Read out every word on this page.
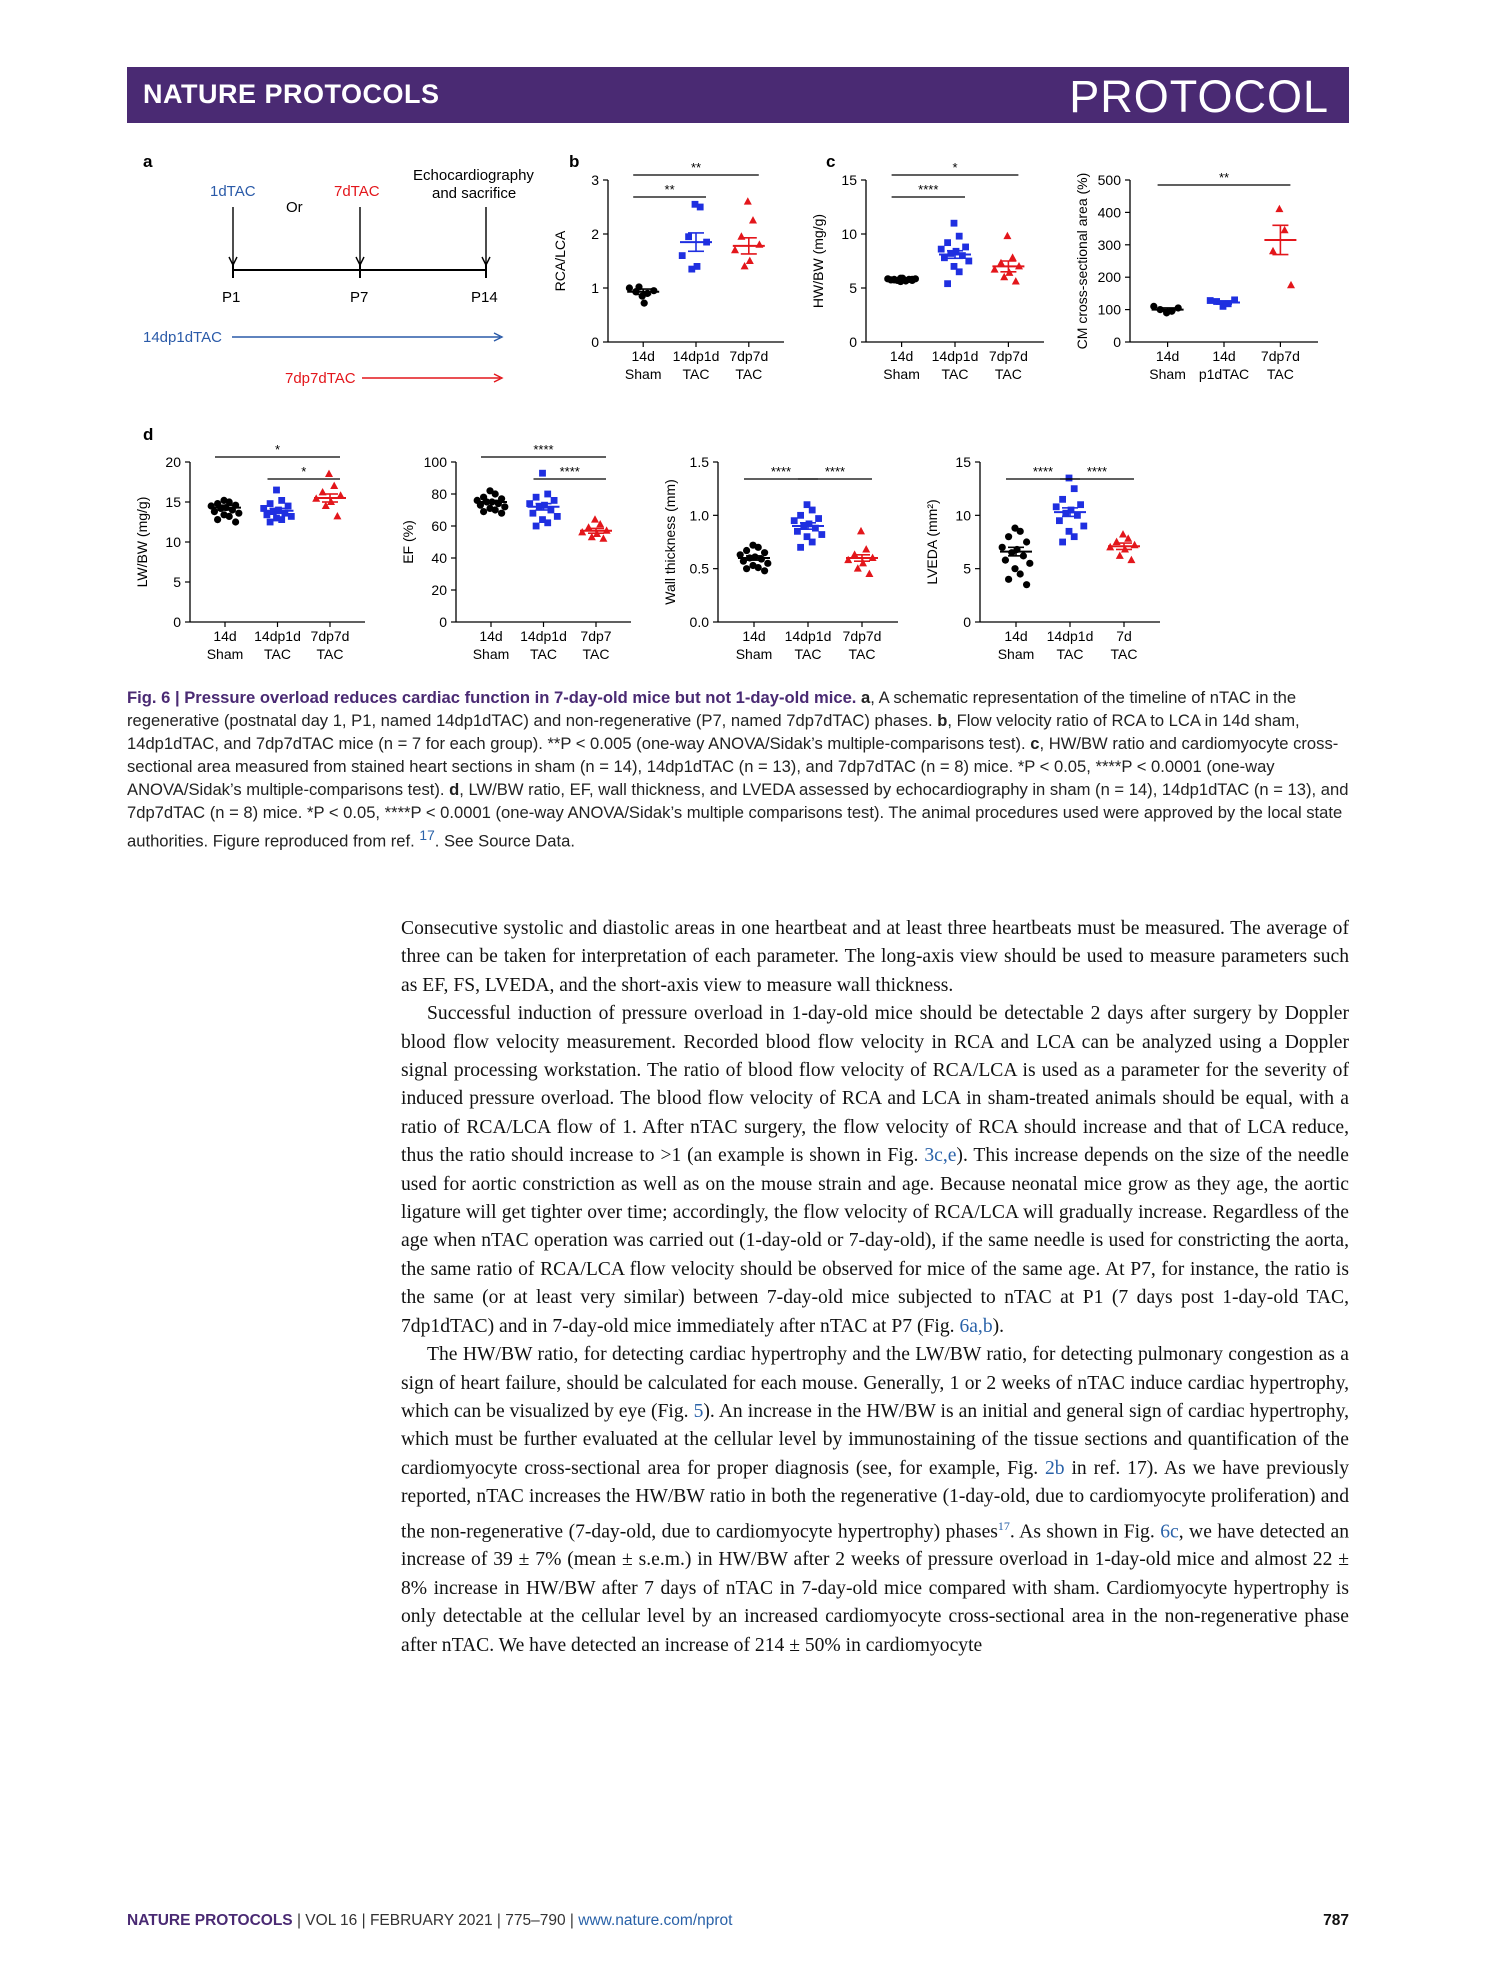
NATURE PROTOCOLS	PROTOCOL
a
1dTAC
Or
7dTAC
Echocardiography
and sacrifice
P1	P7	P14
14dp1dTAC
7dp7dTAC
b	c
d
0
1
2
3
14d
Sham
14dp1d
TAC
7dp7d
TAC
RCA/LCA
**
**
0
5
10
15
14d
Sham
14dp1d
TAC
7dp7d
TAC
HW/BW (mg/g)
****
*
0
100
200
300
400
500
14d
Sham
14d
p1dTAC
7dp7d
TAC
CM cross-sectional area (%)	**
0
5
10
15
20
14d
Sham
14dp1d
TAC
7dp7d
TAC
LW/BW (mg/g)
*
*
0
20
40
60
80
100
14d
Sham
14dp1d
TAC
7dp7
TAC
EF (%)
****
****
0.0
0.5
1.0
1.5
14d
Sham
14dp1d
TAC
7dp7d
TAC
Wall thickness (mm)
****	****
0
5
10
15
14d
Sham
14dp1d
TAC
7d
TAC
LVEDA (mm²)
****	****
Fig. 6 | Pressure overload reduces cardiac function in 7-day-old mice but not 1-day-old mice. a, A schematic representation of the timeline of nTAC in the regenerative (postnatal day 1, P1, named 14dp1dTAC) and non-regenerative (P7, named 7dp7dTAC) phases. b, Flow velocity ratio of RCA to LCA in 14d sham, 14dp1dTAC, and 7dp7dTAC mice (n = 7 for each group). **P < 0.005 (one-way ANOVA/Sidak’s multiple-comparisons test). c, HW/BW ratio and cardiomyocyte cross-sectional area measured from stained heart sections in sham (n = 14), 14dp1dTAC (n = 13), and 7dp7dTAC (n = 8) mice. *P < 0.05, ****P < 0.0001 (one-way ANOVA/Sidak’s multiple-comparisons test). d, LW/BW ratio, EF, wall thickness, and LVEDA assessed by echocardiography in sham (n = 14), 14dp1dTAC (n = 13), and 7dp7dTAC (n = 8) mice. *P < 0.05, ****P < 0.0001 (one-way ANOVA/Sidak’s multiple comparisons test). The animal procedures used were approved by the local state authorities. Figure reproduced from ref. $^{17}$. See Source Data.

Consecutive systolic and diastolic areas in one heartbeat and at least three heartbeats must be measured. The average of three can be taken for interpretation of each parameter. The long-axis view should be used to measure parameters such as EF, FS, LVEDA, and the short-axis view to measure wall thickness.

Successful induction of pressure overload in 1-day-old mice should be detectable 2 days after surgery by Doppler blood flow velocity measurement. Recorded blood flow velocity in RCA and LCA can be analyzed using a Doppler signal processing workstation. The ratio of blood flow velocity of RCA/LCA is used as a parameter for the severity of induced pressure overload. The blood flow velocity of RCA and LCA in sham-treated animals should be equal, with a ratio of RCA/LCA flow of 1. After nTAC surgery, the flow velocity of RCA should increase and that of LCA reduce, thus the ratio should increase to >1 (an example is shown in Fig. 3c,e). This increase depends on the size of the needle used for aortic constriction as well as on the mouse strain and age. Because neonatal mice grow as they age, the aortic ligature will get tighter over time; accordingly, the flow velocity of RCA/LCA will gradually increase. Regardless of the age when nTAC operation was carried out (1-day-old or 7-day-old), if the same needle is used for constricting the aorta, the same ratio of RCA/LCA flow velocity should be observed for mice of the same age. At P7, for instance, the ratio is the same (or at least very similar) between 7-day-old mice subjected to nTAC at P1 (7 days post 1-day-old TAC, 7dp1dTAC) and in 7-day-old mice immediately after nTAC at P7 (Fig. 6a,b).

The HW/BW ratio, for detecting cardiac hypertrophy and the LW/BW ratio, for detecting pulmonary congestion as a sign of heart failure, should be calculated for each mouse. Generally, 1 or 2 weeks of nTAC induce cardiac hypertrophy, which can be visualized by eye (Fig. 5). An increase in the HW/BW is an initial and general sign of cardiac hypertrophy, which must be further evaluated at the cellular level by immunostaining of the tissue sections and quantification of the cardiomyocyte cross-sectional area for proper diagnosis (see, for example, Fig. 2b in ref. 17). As we have previously reported, nTAC increases the HW/BW ratio in both the regenerative (1-day-old, due to cardiomyocyte proliferation) and the non-regenerative (7-day-old, due to cardiomyocyte hypertrophy) phases$^{17}$. As shown in Fig. 6c, we have detected an increase of 39 ± 7% (mean ± s.e.m.) in HW/BW after 2 weeks of pressure overload in 1-day-old mice and almost 22 ± 8% increase in HW/BW after 7 days of nTAC in 7-day-old mice compared with sham. Cardiomyocyte hypertrophy is only detectable at the cellular level by an increased cardiomyocyte cross-sectional area in the non-regenerative phase after nTAC. We have detected an increase of 214 ± 50% in cardiomyocyte

NATURE PROTOCOLS | VOL 16 | FEBRUARY 2021 | 775–790 | www.nature.com/nprot	787
